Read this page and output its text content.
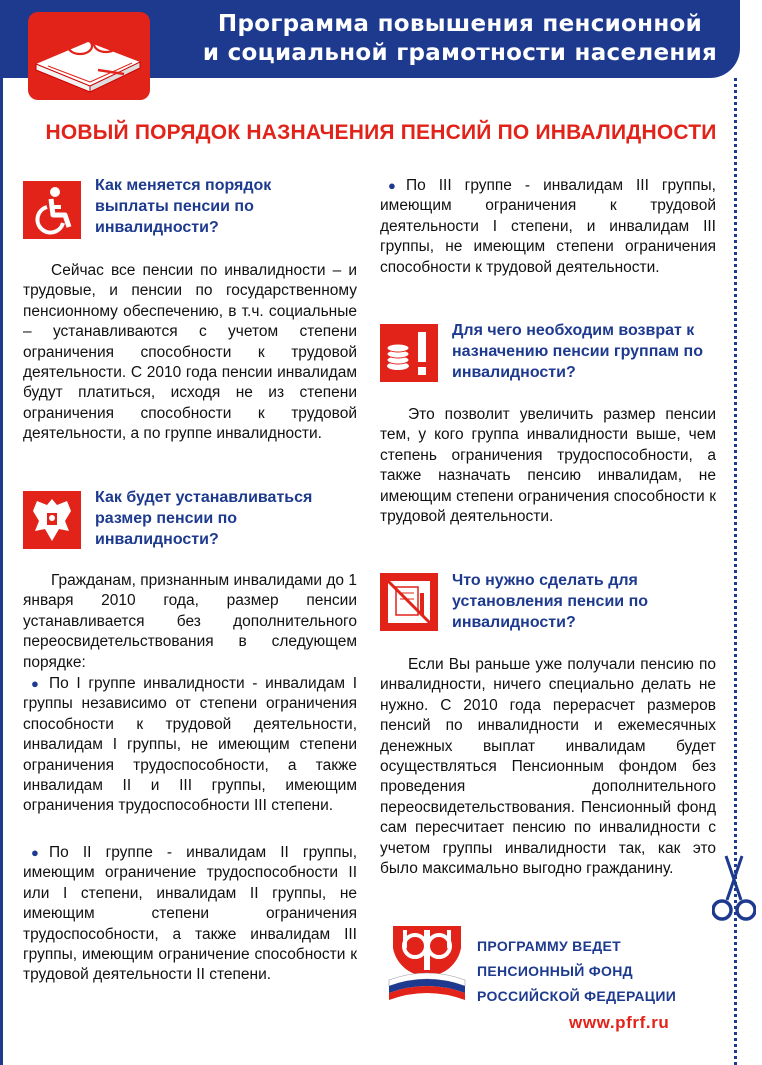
Программа повышения пенсионной
и социальной грамотности населения
НОВЫЙ ПОРЯДОК НАЗНАЧЕНИЯ ПЕНСИЙ ПО ИНВАЛИДНОСТИ
Как меняется порядок выплаты пенсии по инвалидности?

Сейчас все пенсии по инвалидности – и трудовые, и пенсии по государственному пенсионному обеспечению, в т.ч. социальные – устанавливаются с учетом степени ограничения способности к трудовой деятельности. С 2010 года пенсии инвалидам будут платиться, исходя не из степени ограничения способности к трудовой деятельности, а по группе инвалидности.

Как будет устанавливаться размер пенсии по инвалидности?

Гражданам, признанным инвалидами до 1 января 2010 года, размер пенсии устанавливается без дополнительного переосвидетельствования в следующем порядке:

● По I группе инвалидности - инвалидам I группы независимо от степени ограничения способности к трудовой деятельности, инвалидам I группы, не имеющим степени ограничения трудоспособности, а также инвалидам II и III группы, имеющим ограничения трудоспособности III степени.

● По II группе - инвалидам II группы, имеющим ограничение трудоспособности II или I степени, инвалидам II группы, не имеющим степени ограничения трудоспособности, а также инвалидам III группы, имеющим ограничение способности к трудовой деятельности II степени.

● По III группе - инвалидам III группы, имеющим ограничения к трудовой деятельности I степени, и инвалидам III группы, не имеющим степени ограничения способности к трудовой деятельности.

Для чего необходим возврат к назначению пенсии группам по инвалидности?

Это позволит увеличить размер пенсии тем, у кого группа инвалидности выше, чем степень ограничения трудоспособности, а также назначать пенсию инвалидам, не имеющим степени ограничения способности к трудовой деятельности.

Что нужно сделать для установления пенсии по инвалидности?

Если Вы раньше уже получали пенсию по инвалидности, ничего специально делать не нужно. С 2010 года перерасчет размеров пенсий по инвалидности и ежемесячных денежных выплат инвалидам будет осуществляться Пенсионным фондом без проведения дополнительного переосвидетельствования. Пенсионный фонд сам пересчитает пенсию по инвалидности с учетом группы инвалидности так, как это было максимально выгодно гражданину.

ПРОГРАММУ ВЕДЕТ
ПЕНСИОННЫЙ ФОНД
РОССИЙСКОЙ ФЕДЕРАЦИИ
www.pfrf.ru
